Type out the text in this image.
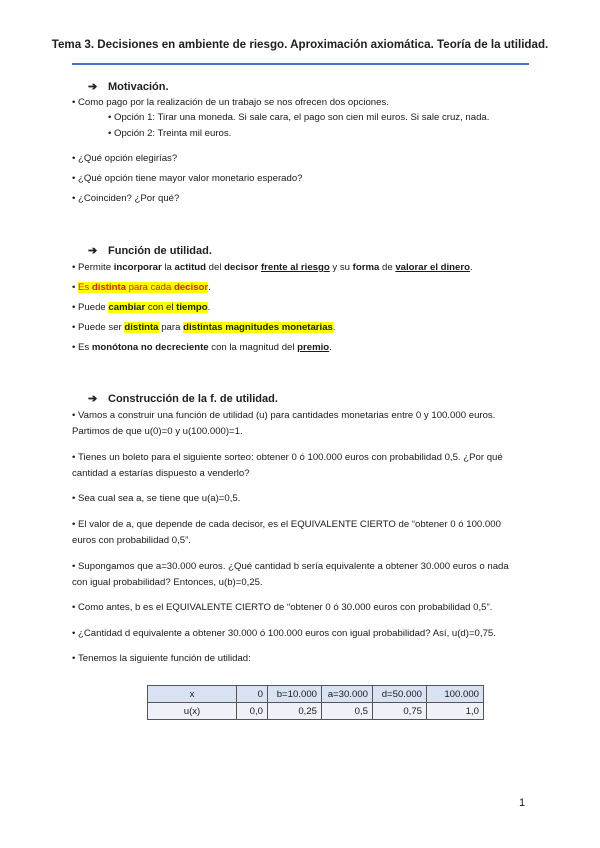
Tema 3. Decisiones en ambiente de riesgo. Aproximación axiomática. Teoría de la utilidad.
➔ Motivación.
• Como pago por la realización de un trabajo se nos ofrecen dos opciones.
• Opción 1: Tirar una moneda. Si sale cara, el pago son cien mil euros. Si sale cruz, nada.
• Opción 2: Treinta mil euros.
• ¿Qué opción elegirías?
• ¿Qué opción tiene mayor valor monetario esperado?
• ¿Coinciden? ¿Por qué?
➔ Función de utilidad.
• Permite incorporar la actitud del decisor frente al riesgo y su forma de valorar el dinero.
• Es distinta para cada decisor.
• Puede cambiar con el tiempo.
• Puede ser distinta para distintas magnitudes monetarias.
• Es monótona no decreciente con la magnitud del premio.
➔ Construcción de la f. de utilidad.
• Vamos a construir una función de utilidad (u) para cantidades monetarias entre 0 y 100.000 euros.
Partimos de que u(0)=0 y u(100.000)=1.
• Tienes un boleto para el siguiente sorteo: obtener 0 ó 100.000 euros con probabilidad 0,5. ¿Por qué
cantidad a estarías dispuesto a venderlo?
• Sea cual sea a, se tiene que u(a)=0,5.
• El valor de a, que depende de cada decisor, es el EQUIVALENTE CIERTO de “obtener 0 ó 100.000
euros con probabilidad 0,5”.
• Supongamos que a=30.000 euros. ¿Qué cantidad b sería equivalente a obtener 30.000 euros o nada
con igual probabilidad? Entonces, u(b)=0,25.
• Como antes, b es el EQUIVALENTE CIERTO de “obtener 0 ó 30.000 euros con probabilidad 0,5”.
• ¿Cantidad d equivalente a obtener 30.000 ó 100.000 euros con igual probabilidad? Así, u(d)=0,75.
• Tenemos la siguiente función de utilidad:
x	0	b=10.000	a=30.000	d=50.000	100.000
u(x)	0,0	0,25	0,5	0,75	1,0
1
